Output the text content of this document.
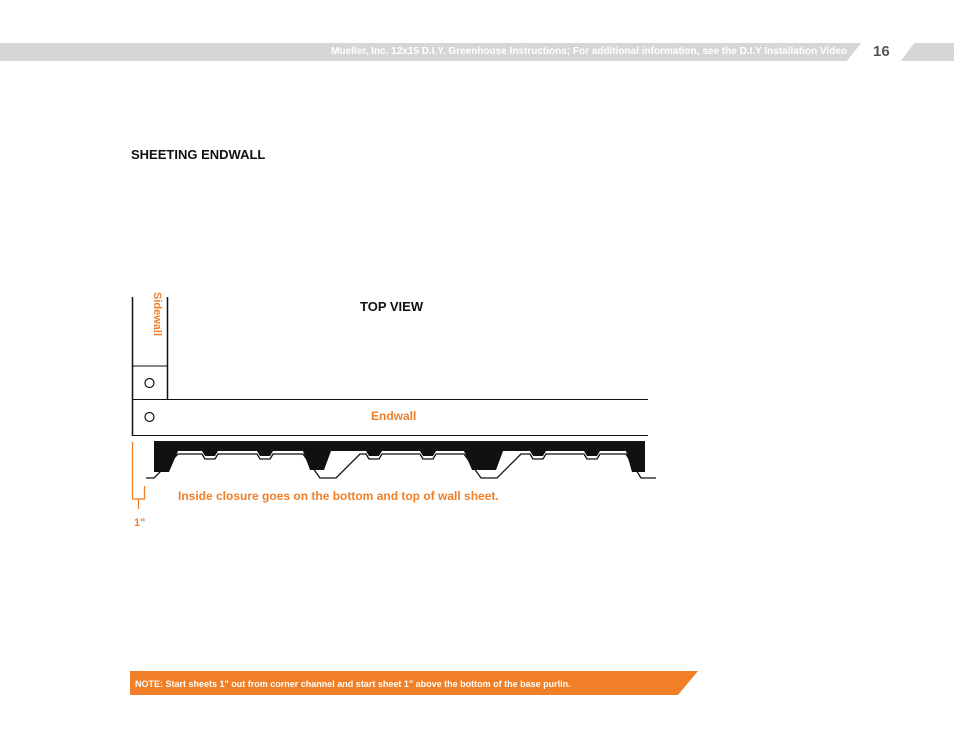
Mueller, Inc. 12x15 D.I.Y. Greenhouse Instructions; For additional information, see the D.I.Y Installation Video 16
SHEETING ENDWALL
Sidewall	TOP VIEW
Endwall
1"
Inside closure goes on the bottom and top of wall sheet.
NOTE: Start sheets 1" out from corner channel and start sheet 1" above the bottom of the base purlin.
